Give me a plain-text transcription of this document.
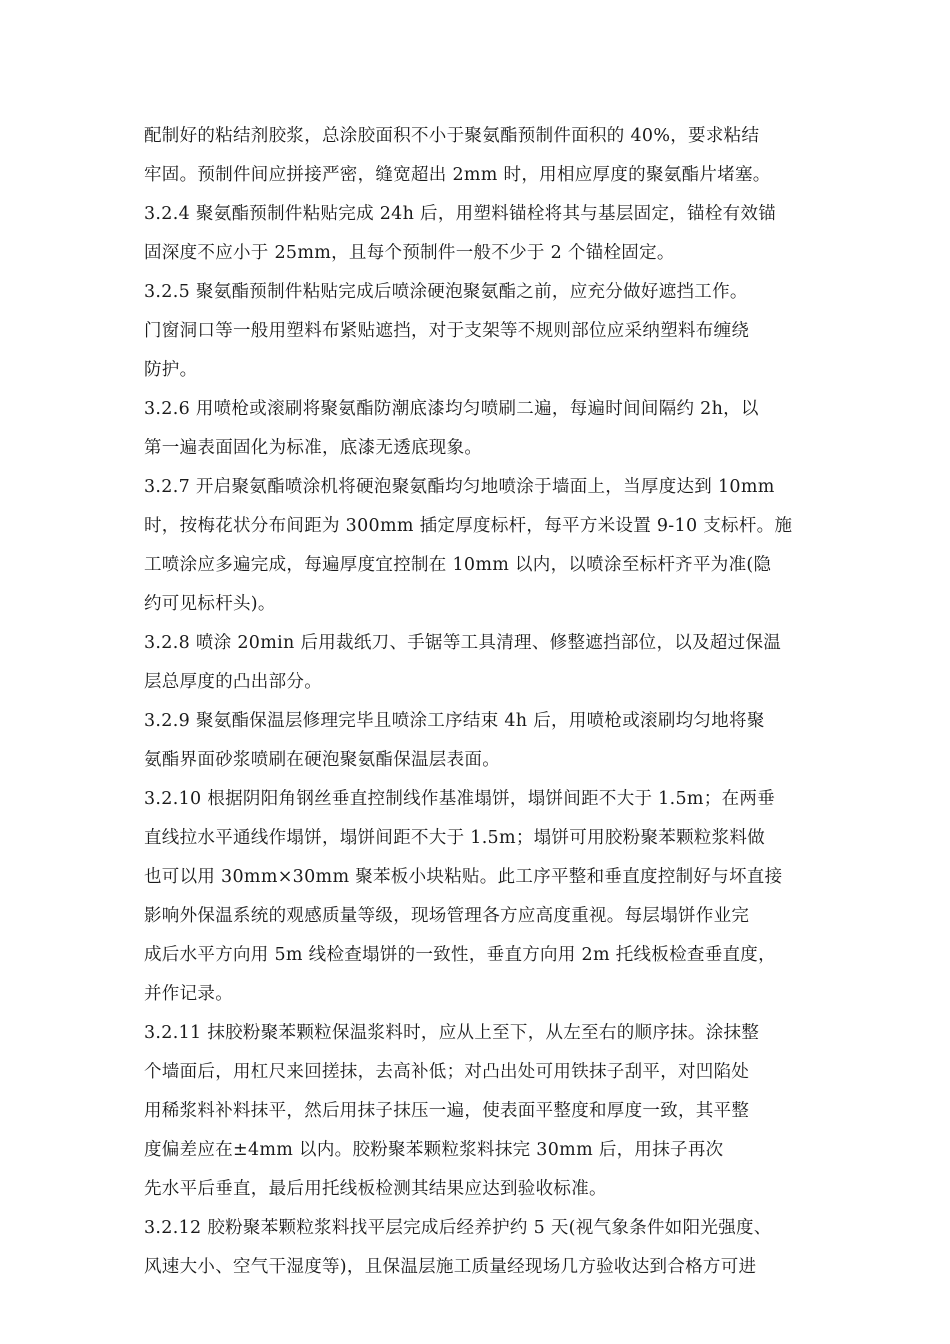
配制好的粘结剂胶浆，总涂胶面积不小于聚氨酯预制件面积的 40%，要求粘结
牢固。预制件间应拼接严密，缝宽超出 2mm 时，用相应厚度的聚氨酯片堵塞。
3.2.4 聚氨酯预制件粘贴完成 24h 后，用塑料锚栓将其与基层固定，锚栓有效锚
固深度不应小于 25mm，且每个预制件一般不少于 2 个锚栓固定。
3.2.5 聚氨酯预制件粘贴完成后喷涂硬泡聚氨酯之前，应充分做好遮挡工作。
门窗洞口等一般用塑料布紧贴遮挡，对于支架等不规则部位应采纳塑料布缠绕
防护。
3.2.6 用喷枪或滚刷将聚氨酯防潮底漆均匀喷刷二遍，每遍时间间隔约 2h，以
第一遍表面固化为标准，底漆无透底现象。
3.2.7 开启聚氨酯喷涂机将硬泡聚氨酯均匀地喷涂于墙面上，当厚度达到 10mm
时，按梅花状分布间距为 300mm 插定厚度标杆，每平方米设置 9-10 支标杆。施
工喷涂应多遍完成，每遍厚度宜控制在 10mm 以内，以喷涂至标杆齐平为准(隐
约可见标杆头)。
3.2.8 喷涂 20min 后用裁纸刀、手锯等工具清理、修整遮挡部位，以及超过保温
层总厚度的凸出部分。
3.2.9 聚氨酯保温层修理完毕且喷涂工序结束 4h 后，用喷枪或滚刷均匀地将聚
氨酯界面砂浆喷刷在硬泡聚氨酯保温层表面。
3.2.10 根据阴阳角钢丝垂直控制线作基准塌饼，塌饼间距不大于 1.5m；在两垂
直线拉水平通线作塌饼，塌饼间距不大于 1.5m；塌饼可用胶粉聚苯颗粒浆料做
也可以用 30mm×30mm 聚苯板小块粘贴。此工序平整和垂直度控制好与坏直接
影响外保温系统的观感质量等级，现场管理各方应高度重视。每层塌饼作业完
成后水平方向用 5m 线检查塌饼的一致性，垂直方向用 2m 托线板检查垂直度，
并作记录。
3.2.11 抹胶粉聚苯颗粒保温浆料时，应从上至下，从左至右的顺序抹。涂抹整
个墙面后，用杠尺来回搓抹，去高补低；对凸出处可用铁抹子刮平，对凹陷处
用稀浆料补料抹平，然后用抹子抹压一遍，使表面平整度和厚度一致，其平整
度偏差应在±4mm 以内。胶粉聚苯颗粒浆料抹完 30mm 后，用抹子再次
先水平后垂直，最后用托线板检测其结果应达到验收标准。
3.2.12 胶粉聚苯颗粒浆料找平层完成后经养护约 5 天(视气象条件如阳光强度、
风速大小、空气干湿度等)，且保温层施工质量经现场几方验收达到合格方可进
